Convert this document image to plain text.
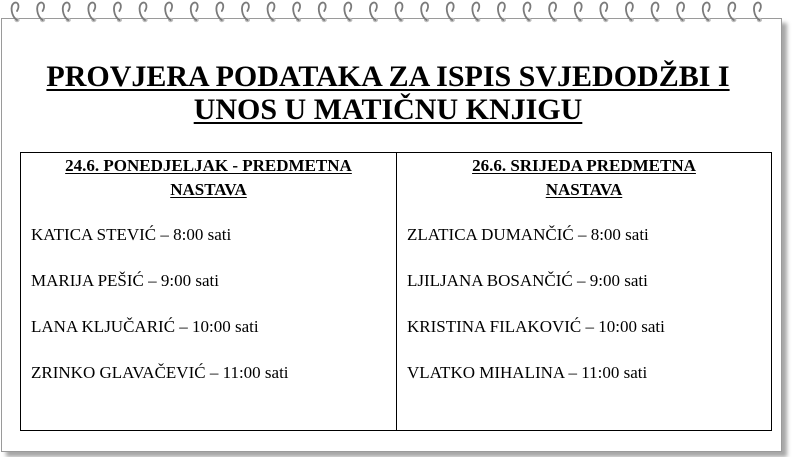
PROVJERA PODATAKA ZA ISPIS SVJEDODŽBI I
UNOS U MATIČNU KNJIGU
24.6. PONEDJELJAK - PREDMETNA
NASTAVA
KATICA STEVIĆ – 8:00 sati
MARIJA PEŠIĆ – 9:00 sati
LANA KLJUČARIĆ – 10:00 sati
ZRINKO GLAVAČEVIĆ – 11:00 sati
26.6. SRIJEDA PREDMETNA
NASTAVA
ZLATICA DUMANČIĆ – 8:00 sati
LJILJANA BOSANČIĆ – 9:00 sati
KRISTINA FILAKOVIĆ – 10:00 sati
VLATKO MIHALINA – 11:00 sati
